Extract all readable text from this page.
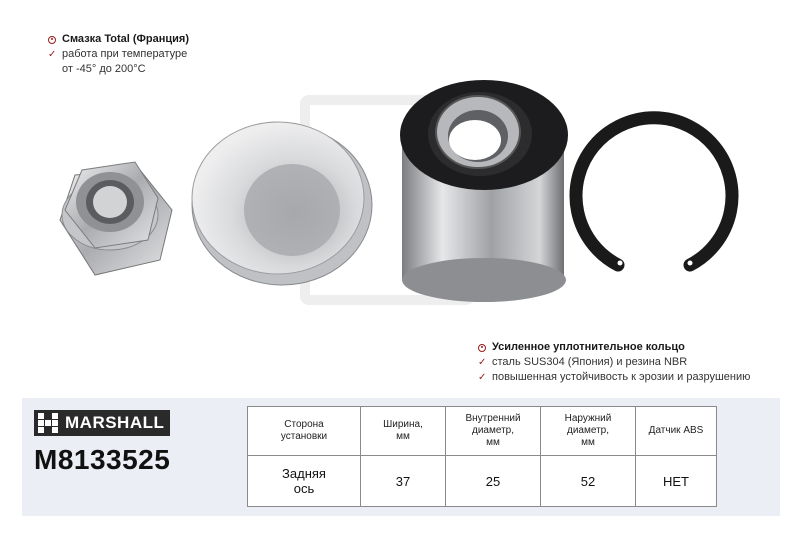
Смазка Total (Франция)
✓ работа при температуре
от -45° до 200°С
Усиленное уплотнительное кольцо
✓ сталь SUS304 (Япония) и резина NBR
✓ повышенная устойчивость к эрозии и разрушению
MARSHALL
M8133525
Сторона
установки	Ширина,
мм	Внутренний
диаметр,
мм	Наружний
диаметр,
мм	Датчик ABS
Задняя
ось	37	25	52	НЕТ
